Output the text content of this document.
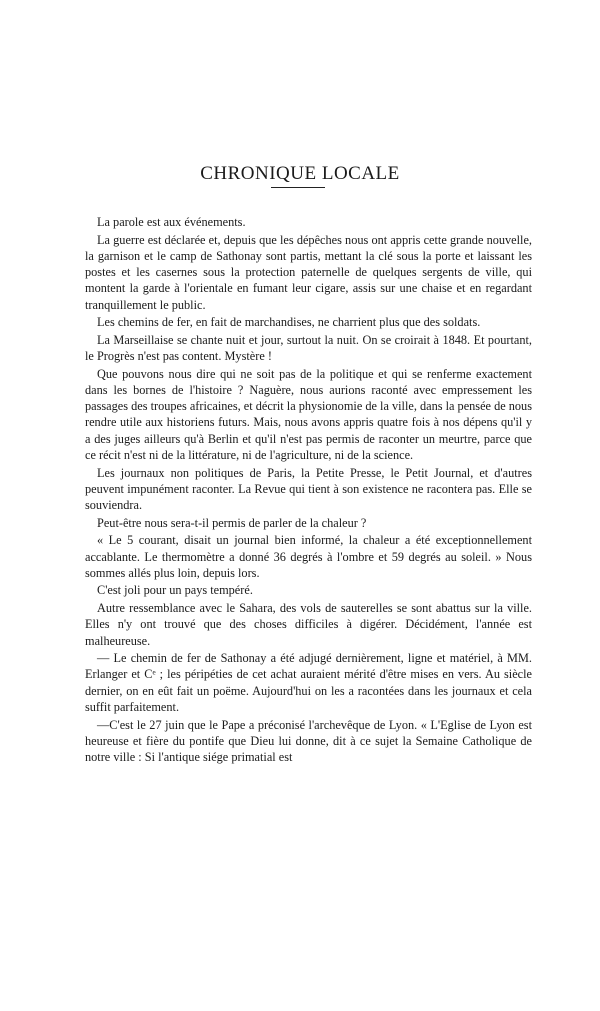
CHRONIQUE LOCALE

La parole est aux événements.

La guerre est déclarée et, depuis que les dépêches nous ont appris cette grande nouvelle, la garnison et le camp de Sathonay sont partis, mettant la clé sous la porte et laissant les postes et les casernes sous la protection paternelle de quelques sergents de ville, qui montent la garde à l'orientale en fumant leur cigare, assis sur une chaise et en regardant tranquillement le public.

Les chemins de fer, en fait de marchandises, ne charrient plus que des soldats.

La Marseillaise se chante nuit et jour, surtout la nuit. On se croirait à 1848. Et pourtant, le Progrès n'est pas content. Mystère !

Que pouvons nous dire qui ne soit pas de la politique et qui se renferme exactement dans les bornes de l'histoire ? Naguère, nous aurions raconté avec empressement les passages des troupes africaines, et décrit la physionomie de la ville, dans la pensée de nous rendre utile aux historiens futurs. Mais, nous avons appris quatre fois à nos dépens qu'il y a des juges ailleurs qu'à Berlin et qu'il n'est pas permis de raconter un meurtre, parce que ce récit n'est ni de la littérature, ni de l'agriculture, ni de la science.

Les journaux non politiques de Paris, la Petite Presse, le Petit Journal, et d'autres peuvent impunément raconter. La Revue qui tient à son existence ne racontera pas. Elle se souviendra.

Peut-être nous sera-t-il permis de parler de la chaleur ?

« Le 5 courant, disait un journal bien informé, la chaleur a été exceptionnellement accablante. Le thermomètre a donné 36 degrés à l'ombre et 59 degrés au soleil. » Nous sommes allés plus loin, depuis lors.

C'est joli pour un pays tempéré.

Autre ressemblance avec le Sahara, des vols de sauterelles se sont abattus sur la ville. Elles n'y ont trouvé que des choses difficiles à digérer. Décidément, l'année est malheureuse.

— Le chemin de fer de Sathonay a été adjugé dernièrement, ligne et matériel, à MM. Erlanger et Cᵉ ; les péripéties de cet achat auraient mérité d'être mises en vers. Au siècle dernier, on en eût fait un poëme. Aujourd'hui on les a racontées dans les journaux et cela suffit parfaitement.

—C'est le 27 juin que le Pape a préconisé l'archevêque de Lyon. « L'Eglise de Lyon est heureuse et fière du pontife que Dieu lui donne, dit à ce sujet la Semaine Catholique de notre ville : Si l'antique siége primatial est
